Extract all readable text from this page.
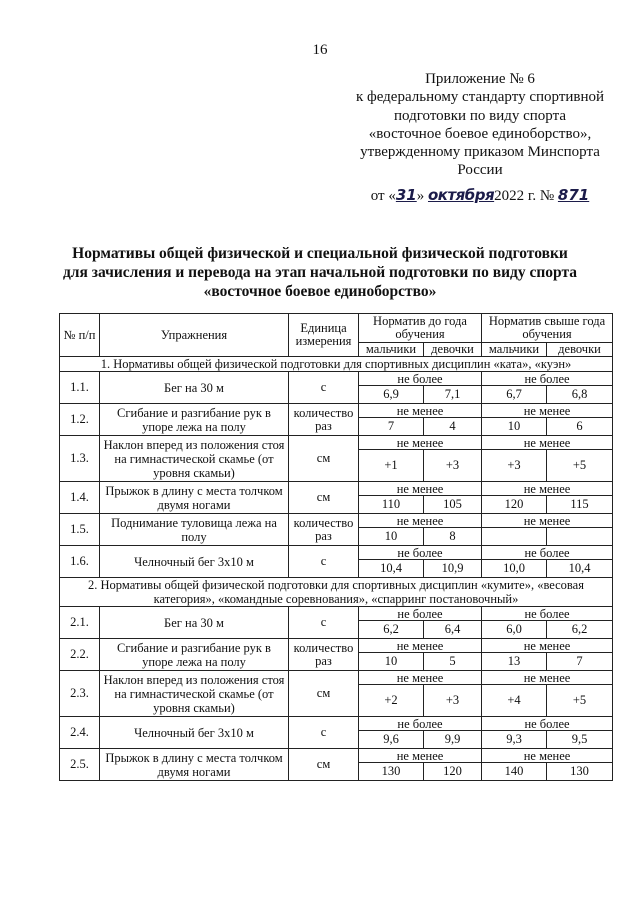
16
Приложение № 6
к федеральному стандарту спортивной
подготовки по виду спорта
«восточное боевое единоборство»,
утвержденному приказом Минспорта
России
от «31» октября2022 г. № 871
Нормативы общей физической и специальной физической подготовки
для зачисления и перевода на этап начальной подготовки по виду спорта
«восточное боевое единоборство»
№ п/п	Упражнения	Единица измерения	Норматив до года обучения		Норматив свыше года обучения	
			мальчики	девочки	мальчики	девочки
1. Нормативы общей физической подготовки для спортивных дисциплин «ката», «куэн»						
1.1.	Бег на 30 м	с	не более		не более	
			6,9	7,1	6,7	6,8
1.2.	Сгибание и разгибание рук в упоре лежа на полу	количество раз	не менее		не менее	
			7	4	10	6
1.3.	Наклон вперед из положения стоя на гимнастической скамье (от уровня скамьи)	см	не менее		не менее	
			+1	+3	+3	+5
1.4.	Прыжок в длину с места толчком двумя ногами	см	не менее		не менее	
			110	105	120	115
1.5.	Поднимание туловища лежа на полу	количество раз	не менее		не менее	
			10	8		
1.6.	Челночный бег 3х10 м	с	не более		не более	
			10,4	10,9	10,0	10,4
2. Нормативы общей физической подготовки для спортивных дисциплин «кумите», «весовая категория», «командные соревнования», «спарринг постановочный»						
2.1.	Бег на 30 м	с	не более		не более	
			6,2	6,4	6,0	6,2
2.2.	Сгибание и разгибание рук в упоре лежа на полу	количество раз	не менее		не менее	
			10	5	13	7
2.3.	Наклон вперед из положения стоя на гимнастической скамье (от уровня скамьи)	см	не менее		не менее	
			+2	+3	+4	+5
2.4.	Челночный бег 3х10 м	с	не более		не более	
			9,6	9,9	9,3	9,5
2.5.	Прыжок в длину с места толчком двумя ногами	см	не менее		не менее	
			130	120	140	130
